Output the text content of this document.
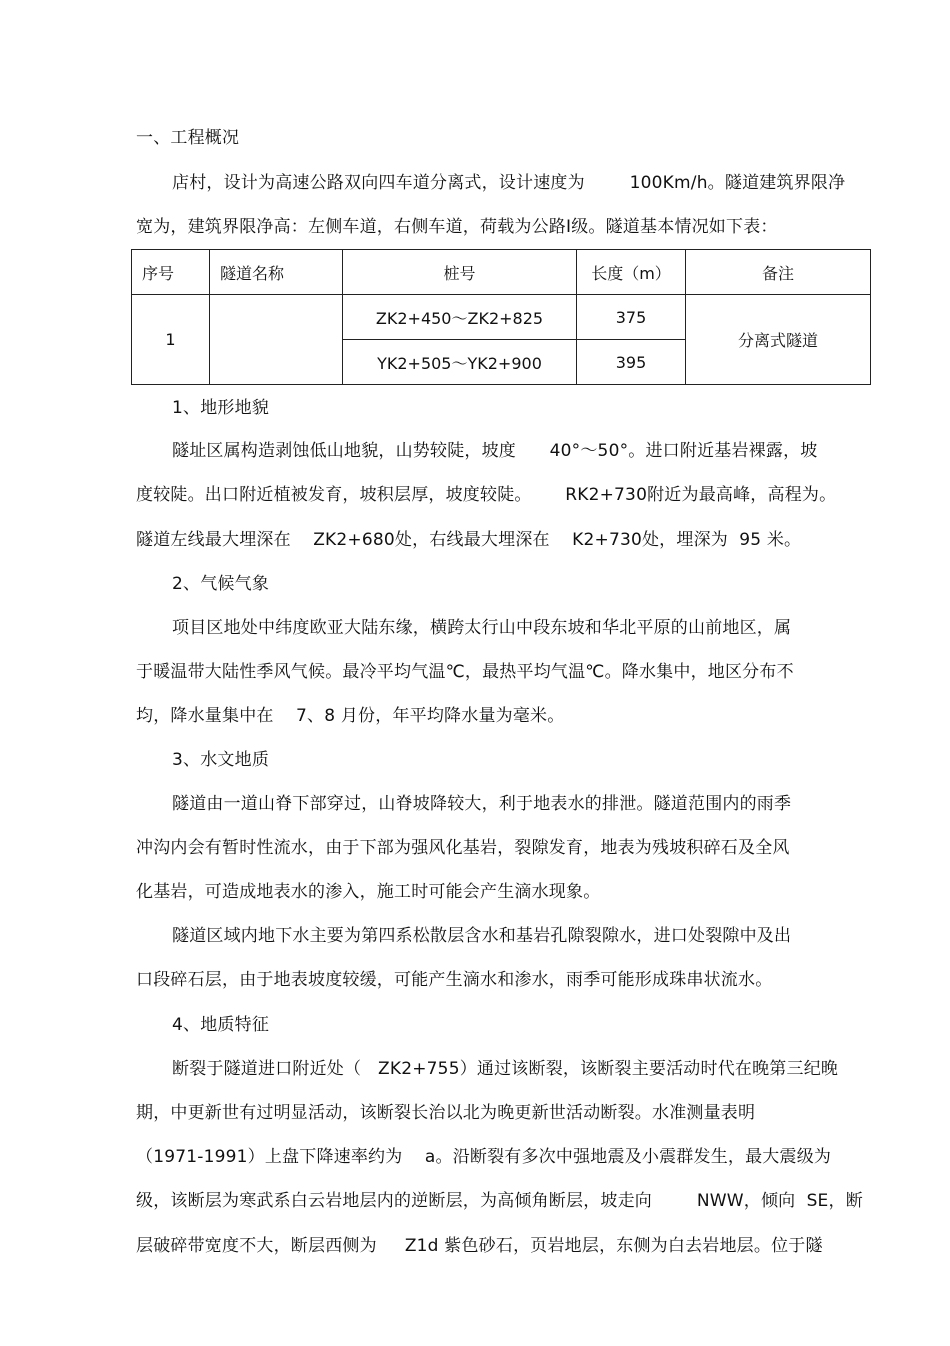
一、工程概况
店村，设计为高速公路双向四车道分离式，设计速度为        100Km/h。隧道建筑界限净
宽为，建筑界限净高：左侧车道，右侧车道，荷载为公路Ⅰ级。隧道基本情况如下表：
序号	隧道名称	桩号	长度（m）	备注
1		ZK2+450～ZK2+825	375	分离式隧道
		YK2+505～YK2+900	395	
1、地形地貌
隧址区属构造剥蚀低山地貌，山势较陡，坡度      40°～50°。进口附近基岩裸露，坡
度较陡。出口附近植被发育，坡积层厚，坡度较陡。      RK2+730附近为最高峰，高程为。
隧道左线最大埋深在    ZK2+680处，右线最大埋深在    K2+730处，埋深为  95 米。
2、气候气象
项目区地处中纬度欧亚大陆东缘，横跨太行山中段东坡和华北平原的山前地区，属
于暖温带大陆性季风气候。最冷平均气温℃，最热平均气温℃。降水集中，地区分布不
均，降水量集中在    7、8 月份，年平均降水量为毫米。
3、水文地质
隧道由一道山脊下部穿过，山脊坡降较大，利于地表水的排泄。隧道范围内的雨季
冲沟内会有暂时性流水，由于下部为强风化基岩，裂隙发育，地表为残坡积碎石及全风
化基岩，可造成地表水的渗入，施工时可能会产生滴水现象。
隧道区域内地下水主要为第四系松散层含水和基岩孔隙裂隙水，进口处裂隙中及出
口段碎石层，由于地表坡度较缓，可能产生滴水和渗水，雨季可能形成珠串状流水。
4、地质特征
断裂于隧道进口附近处（   ZK2+755）通过该断裂，该断裂主要活动时代在晚第三纪晚
期，中更新世有过明显活动，该断裂长治以北为晚更新世活动断裂。水准测量表明
（1971-1991）上盘下降速率约为    a。沿断裂有多次中强地震及小震群发生，最大震级为
级，该断层为寒武系白云岩地层内的逆断层，为高倾角断层，坡走向        NWW，倾向  SE，断
层破碎带宽度不大，断层西侧为     Z1d 紫色砂石，页岩地层，东侧为白去岩地层。位于隧
